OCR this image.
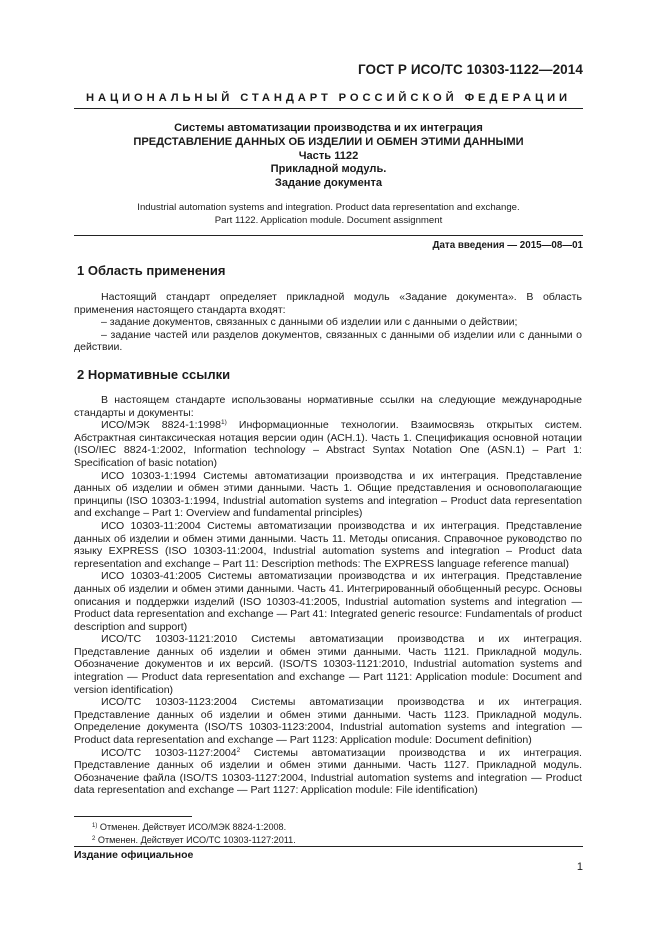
ГОСТ Р ИСО/ТС 10303-1122—2014
НАЦИОНАЛЬНЫЙ СТАНДАРТ РОССИЙСКОЙ ФЕДЕРАЦИИ
Системы автоматизации производства и их интеграция
ПРЕДСТАВЛЕНИЕ ДАННЫХ ОБ ИЗДЕЛИИ И ОБМЕН ЭТИМИ ДАННЫМИ
Часть 1122
Прикладной модуль.
Задание документа
Industrial automation systems and integration. Product data representation and exchange.
Part 1122. Application module. Document assignment
Дата введения — 2015—08—01
1 Область применения

Настоящий стандарт определяет прикладной модуль «Задание документа». В область применения настоящего стандарта входят:

– задание документов, связанных с данными об изделии или с данными о действии;

– задание частей или разделов документов, связанных с данными об изделии или с данными о действии.

2 Нормативные ссылки

В настоящем стандарте использованы нормативные ссылки на следующие международные стандарты и документы:

ИСО/МЭК 8824-1:1998$^{1)}$ Информационные технологии. Взаимосвязь открытых систем. Абстрактная синтаксическая нотация версии один (АСН.1). Часть 1. Спецификация основной нотации (ISO/IEC 8824-1:2002, Information technology – Abstract Syntax Notation One (ASN.1) – Part 1: Specification of basic notation)

ИСО 10303-1:1994 Системы автоматизации производства и их интеграция. Представление данных об изделии и обмен этими данными. Часть 1. Общие представления и основополагающие принципы (ISO 10303-1:1994, Industrial automation systems and integration – Product data representation and exchange – Part 1: Overview and fundamental principles)

ИСО 10303-11:2004 Системы автоматизации производства и их интеграция. Представление данных об изделии и обмен этими данными. Часть 11. Методы описания. Справочное руководство по языку EXPRESS (ISO 10303-11:2004, Industrial automation systems and integration – Product data representation and exchange – Part 11: Description methods: The EXPRESS language reference manual)

ИСО 10303-41:2005 Системы автоматизации производства и их интеграция. Представление данных об изделии и обмен этими данными. Часть 41. Интегрированный обобщенный ресурс. Основы описания и поддержки изделий (ISO 10303-41:2005, Industrial automation systems and integration — Product data representation and exchange — Part 41: Integrated generic resource: Fundamentals of product description and support)

ИСО/ТС 10303-1121:2010 Системы автоматизации производства и их интеграция. Представление данных об изделии и обмен этими данными. Часть 1121. Прикладной модуль. Обозначение документов и их версий. (ISO/TS 10303-1121:2010, Industrial automation systems and integration — Product data representation and exchange — Part 1121: Application module: Document and version identification)

ИСО/ТС 10303-1123:2004 Системы автоматизации производства и их интеграция. Представление данных об изделии и обмен этими данными. Часть 1123. Прикладной модуль. Определение документа (ISO/TS 10303-1123:2004, Industrial automation systems and integration — Product data representation and exchange — Part 1123: Application module: Document definition)

ИСО/ТС 10303-1127:2004$^2$ Системы автоматизации производства и их интеграция. Представление данных об изделии и обмен этими данными. Часть 1127. Прикладной модуль. Обозначение файла (ISO/TS 10303-1127:2004, Industrial automation systems and integration — Product data representation and exchange — Part 1127: Application module: File identification)

$^{1)}$ Отменен. Действует ИСО/МЭК 8824-1:2008.
$^2$ Отменен. Действует ИСО/ТС 10303-1127:2011.
Издание официальное
1
